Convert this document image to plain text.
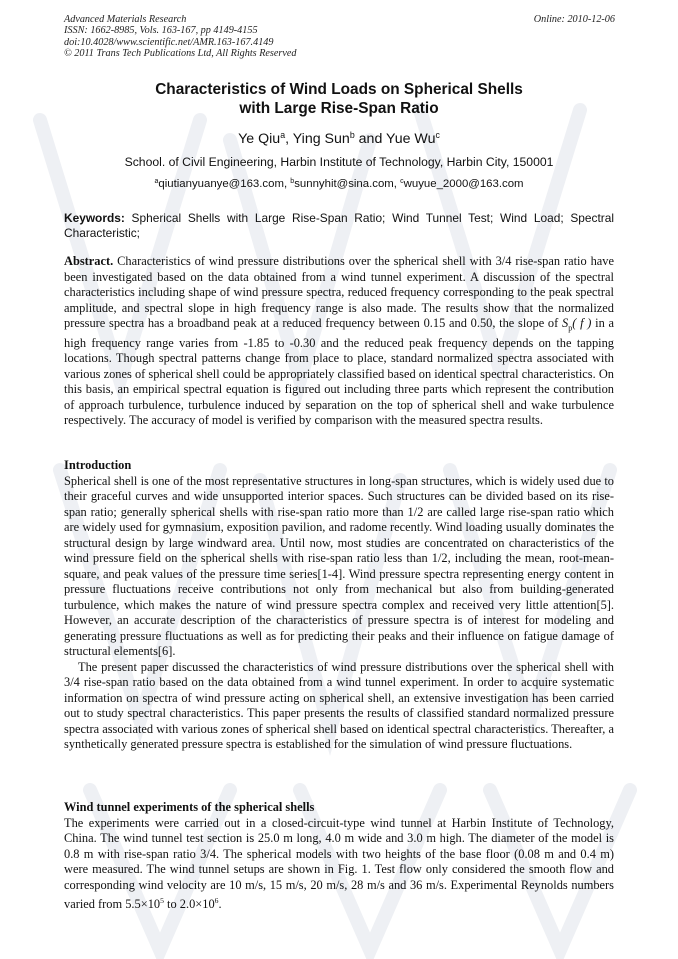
Advanced Materials Research
ISSN: 1662-8985, Vols. 163-167, pp 4149-4155
doi:10.4028/www.scientific.net/AMR.163-167.4149
© 2011 Trans Tech Publications Ltd, All Rights Reserved
Online: 2010-12-06
Characteristics of Wind Loads on Spherical Shells
with Large Rise-Span Ratio
Ye Qiu$^a$, Ying Sun$^b$ and Yue Wu$^c$
School. of Civil Engineering, Harbin Institute of Technology, Harbin City, 150001
$^a$qiutianyuanye@163.com, $^b$sunnyhit@sina.com, $^c$wuyue_2000@163.com
Keywords: Spherical Shells with Large Rise-Span Ratio; Wind Tunnel Test; Wind Load; Spectral Characteristic;

Abstract. Characteristics of wind pressure distributions over the spherical shell with 3/4 rise-span ratio have been investigated based on the data obtained from a wind tunnel experiment. A discussion of the spectral characteristics including shape of wind pressure spectra, reduced frequency corresponding to the peak spectral amplitude, and spectral slope in high frequency range is also made. The results show that the normalized pressure spectra has a broadband peak at a reduced frequency between 0.15 and 0.50, the slope of $S_p$( f ) in a high frequency range varies from -1.85 to -0.30 and the reduced peak frequency depends on the tapping locations. Though spectral patterns change from place to place, standard normalized spectra associated with various zones of spherical shell could be appropriately classified based on identical spectral characteristics. On this basis, an empirical spectral equation is figured out including three parts which represent the contribution of approach turbulence, turbulence induced by separation on the top of spherical shell and wake turbulence respectively. The accuracy of model is verified by comparison with the measured spectra results.

Introduction

Spherical shell is one of the most representative structures in long-span structures, which is widely used due to their graceful curves and wide unsupported interior spaces. Such structures can be divided based on its rise-span ratio; generally spherical shells with rise-span ratio more than 1/2 are called large rise-span ratio which are widely used for gymnasium, exposition pavilion, and radome recently. Wind loading usually dominates the structural design by large windward area. Until now, most studies are concentrated on characteristics of the wind pressure field on the spherical shells with rise-span ratio less than 1/2, including the mean, root-mean-square, and peak values of the pressure time series[1-4]. Wind pressure spectra representing energy content in pressure fluctuations receive contributions not only from mechanical but also from building-generated turbulence, which makes the nature of wind pressure spectra complex and received very little attention[5]. However, an accurate description of the characteristics of pressure spectra is of interest for modeling and generating pressure fluctuations as well as for predicting their peaks and their influence on fatigue damage of structural elements[6].

The present paper discussed the characteristics of wind pressure distributions over the spherical shell with 3/4 rise-span ratio based on the data obtained from a wind tunnel experiment. In order to acquire systematic information on spectra of wind pressure acting on spherical shell, an extensive investigation has been carried out to study spectral characteristics. This paper presents the results of classified standard normalized pressure spectra associated with various zones of spherical shell based on identical spectral characteristics. Thereafter, a synthetically generated pressure spectra is established for the simulation of wind pressure fluctuations.

Wind tunnel experiments of the spherical shells

The experiments were carried out in a closed-circuit-type wind tunnel at Harbin Institute of Technology, China. The wind tunnel test section is 25.0 m long, 4.0 m wide and 3.0 m high. The diameter of the model is 0.8 m with rise-span ratio 3/4. The spherical models with two heights of the base floor (0.08 m and 0.4 m) were measured. The wind tunnel setups are shown in Fig. 1. Test flow only considered the smooth flow and corresponding wind velocity are 10 m/s, 15 m/s, 20 m/s, 28 m/s and 36 m/s. Experimental Reynolds numbers varied from $5.5\times 10^5$ to $2.0\times 10^6$.
